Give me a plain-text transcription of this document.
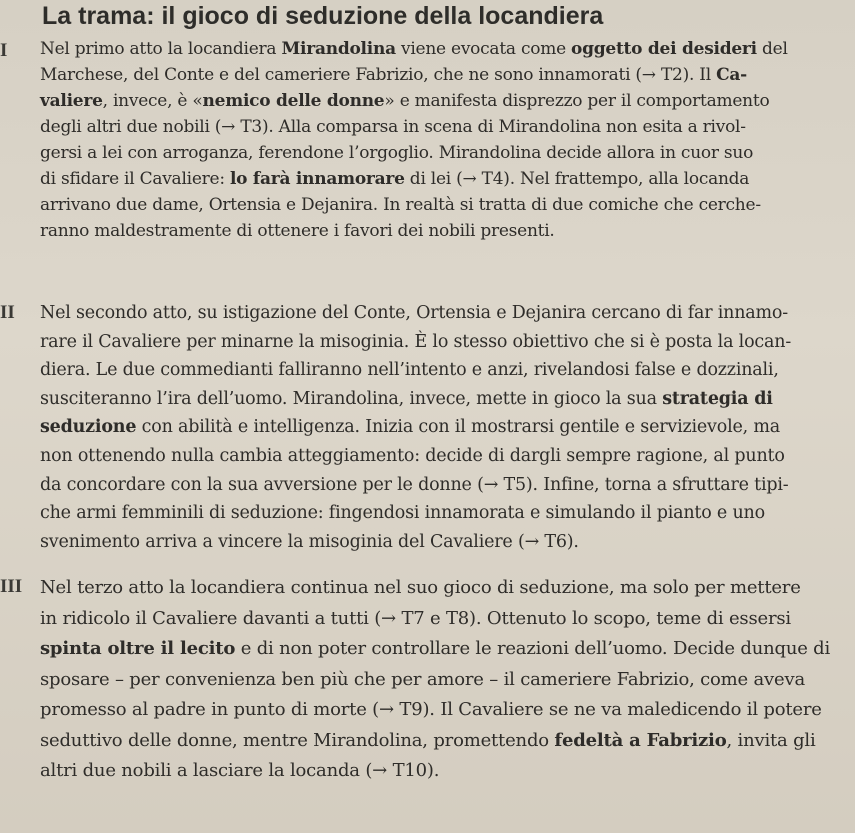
La trama: il gioco di seduzione della locandiera
I Nel primo atto la locandiera Mirandolina viene evocata come oggetto dei desideri del
Marchese, del Conte e del cameriere Fabrizio, che ne sono innamorati (→ T2). Il Ca-
valiere, invece, è «nemico delle donne» e manifesta disprezzo per il comportamento
degli altri due nobili (→ T3). Alla comparsa in scena di Mirandolina non esita a rivol-
gersi a lei con arroganza, ferendone l’orgoglio. Mirandolina decide allora in cuor suo
di sfidare il Cavaliere: lo farà innamorare di lei (→ T4). Nel frattempo, alla locanda
arrivano due dame, Ortensia e Dejanira. In realtà si tratta di due comiche che cerche-
ranno maldestramente di ottenere i favori dei nobili presenti.

II Nel secondo atto, su istigazione del Conte, Ortensia e Dejanira cercano di far innamo-
rare il Cavaliere per minarne la misoginia. È lo stesso obiettivo che si è posta la locan-
diera. Le due commedianti falliranno nell’intento e anzi, rivelandosi false e dozzinali,
susciteranno l’ira dell’uomo. Mirandolina, invece, mette in gioco la sua strategia di
seduzione con abilità e intelligenza. Inizia con il mostrarsi gentile e servizievole, ma
non ottenendo nulla cambia atteggiamento: decide di dargli sempre ragione, al punto
da concordare con la sua avversione per le donne (→ T5). Infine, torna a sfruttare tipi-
che armi femminili di seduzione: fingendosi innamorata e simulando il pianto e uno
svenimento arriva a vincere la misoginia del Cavaliere (→ T6).

III Nel terzo atto la locandiera continua nel suo gioco di seduzione, ma solo per mettere
in ridicolo il Cavaliere davanti a tutti (→ T7 e T8). Ottenuto lo scopo, teme di essersi
spinta oltre il lecito e di non poter controllare le reazioni dell’uomo. Decide dunque di
sposare – per convenienza ben più che per amore – il cameriere Fabrizio, come aveva
promesso al padre in punto di morte (→ T9). Il Cavaliere se ne va maledicendo il potere
seduttivo delle donne, mentre Mirandolina, promettendo fedeltà a Fabrizio, invita gli
altri due nobili a lasciare la locanda (→ T10).
